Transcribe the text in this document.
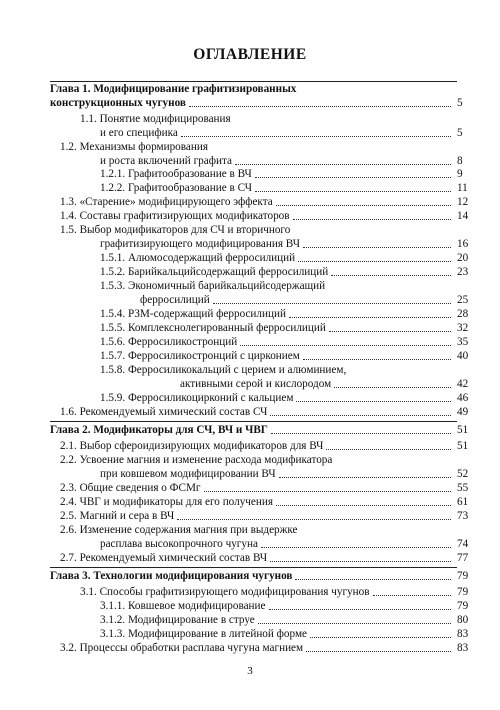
ОГЛАВЛЕНИЕ
Глава 1. Модифицирование графитизированных
конструкционных чугунов	5
1.1. Понятие модифицирования
и его специфика	5
1.2. Механизмы формирования
и роста включений графита	8
1.2.1. Графитообразование в ВЧ	9
1.2.2. Графитообразование в СЧ	11
1.3. «Старение» модифицирующего эффекта	12
1.4. Составы графитизирующих модификаторов	14
1.5. Выбор модификаторов для СЧ и вторичного
графитизирующего модифицирования ВЧ	16
1.5.1. Алюмосодержащий ферросилиций	20
1.5.2. Барийкальцийсодержащий ферросилиций	23
1.5.3. Экономичный барийкальцийсодержащий
ферросилиций	25
1.5.4. РЗМ-содержащий ферросилиций	28
1.5.5. Комплекснолегированный ферросилиций	32
1.5.6. Ферросиликостронций	35
1.5.7. Ферросиликостронций с цирконием	40
1.5.8. Ферросиликокальций с церием и алюминием,
активными серой и кислородом	42
1.5.9. Ферросиликоцирконий с кальцием	46
1.6. Рекомендуемый химический состав СЧ	49
Глава 2. Модификаторы для СЧ, ВЧ и ЧВГ	51
2.1. Выбор сфероидизирующих модификаторов для ВЧ	51
2.2. Усвоение магния и изменение расхода модификатора
при ковшевом модифицировании ВЧ	52
2.3. Общие сведения о ФСМг	55
2.4. ЧВГ и модификаторы для его получения	61
2.5. Магний и сера в ВЧ	73
2.6. Изменение содержания магния при выдержке
расплава высокопрочного чугуна	74
2.7. Рекомендуемый химический состав ВЧ	77
Глава 3. Технологии модифицирования чугунов	79
3.1. Способы графитизирующего модифицирования чугунов	79
3.1.1. Ковшевое модифицирование	79
3.1.2. Модифицирование в струе	80
3.1.3. Модифицирование в литейной форме	83
3.2. Процессы обработки расплава чугуна магнием	83
3
